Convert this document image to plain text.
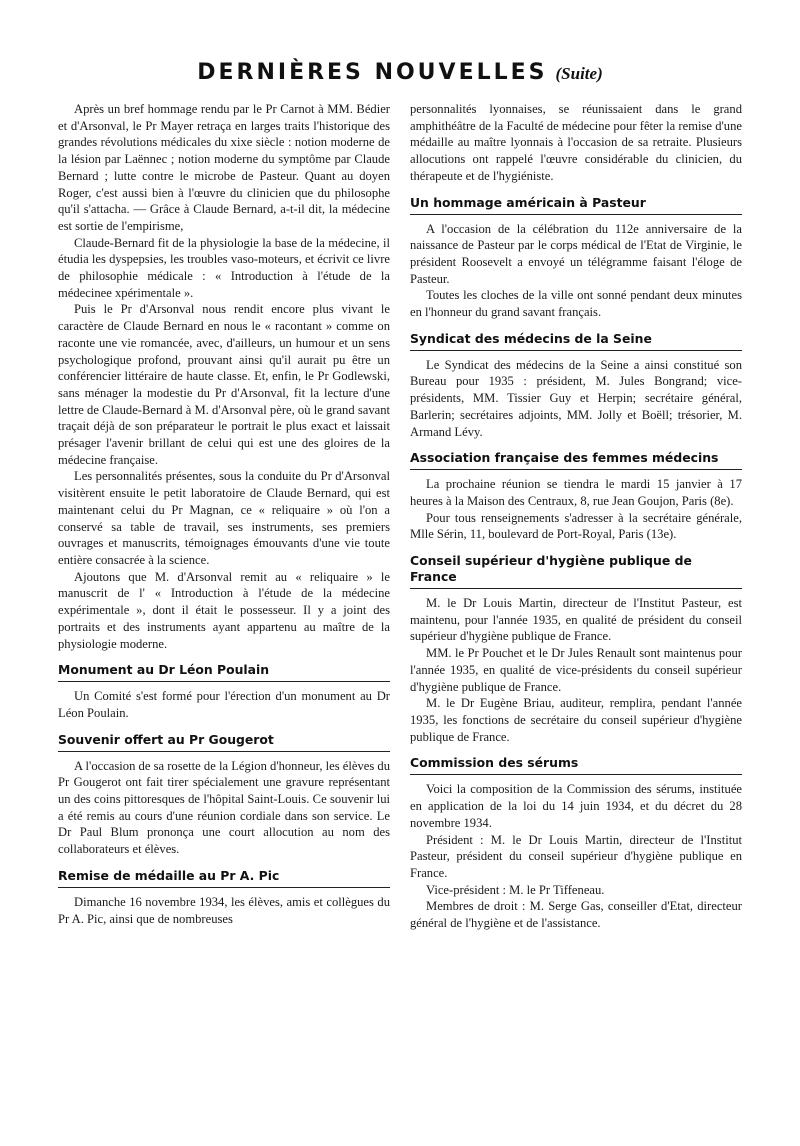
DERNIÈRES NOUVELLES (Suite)

Après un bref hommage rendu par le Pr Carnot à MM. Bédier et d'Arsonval, le Pr Mayer retraça en larges traits l'historique des grandes révolutions médicales du xixe siècle : notion moderne de la lésion par Laënnec ; notion moderne du symptôme par Claude Bernard ; lutte contre le microbe de Pasteur. Quant au doyen Roger, c'est aussi bien à l'œuvre du clinicien que du philosophe qu'il s'attacha. — Grâce à Claude Bernard, a-t-il dit, la médecine est sortie de l'empirisme,

Claude-Bernard fit de la physiologie la base de la médecine, il étudia les dyspepsies, les troubles vaso-moteurs, et écrivit ce livre de philosophie médicale : « Introduction à l'étude de la médecinee xpérimentale ».

Puis le Pr d'Arsonval nous rendit encore plus vivant le caractère de Claude Bernard en nous le « racontant » comme on raconte une vie romancée, avec, d'ailleurs, un humour et un sens psychologique profond, prouvant ainsi qu'il aurait pu être un conférencier littéraire de haute classe. Et, enfin, le Pr Godlewski, sans ménager la modestie du Pr d'Arsonval, fit la lecture d'une lettre de Claude-Bernard à M. d'Arsonval père, où le grand savant traçait déjà de son préparateur le portrait le plus exact et laissait présager l'avenir brillant de celui qui est une des gloires de la médecine française.

Les personnalités présentes, sous la conduite du Pr d'Arsonval visitèrent ensuite le petit laboratoire de Claude Bernard, qui est maintenant celui du Pr Magnan, ce « reliquaire » où l'on a conservé sa table de travail, ses instruments, ses premiers ouvrages et manuscrits, témoignages émouvants d'une vie toute entière consacrée à la science.

Ajoutons que M. d'Arsonval remit au « reliquaire » le manuscrit de l' « Introduction à l'étude de la médecine expérimentale », dont il était le possesseur. Il y a joint des portraits et des instruments ayant appartenu au maître de la physiologie moderne.

Monument au Dr Léon Poulain

Un Comité s'est formé pour l'érection d'un monument au Dr Léon Poulain.

Souvenir offert au Pr Gougerot

A l'occasion de sa rosette de la Légion d'honneur, les élèves du Pr Gougerot ont fait tirer spécialement une gravure représentant un des coins pittoresques de l'hôpital Saint-Louis. Ce souvenir lui a été remis au cours d'une réunion cordiale dans son service. Le Dr Paul Blum prononça une court allocution au nom des collaborateurs et élèves.

Remise de médaille au Pr A. Pic

Dimanche 16 novembre 1934, les élèves, amis et collègues du Pr A. Pic, ainsi que de nombreuses

personnalités lyonnaises, se réunissaient dans le grand amphithéâtre de la Faculté de médecine pour fêter la remise d'une médaille au maître lyonnais à l'occasion de sa retraite. Plusieurs allocutions ont rappelé l'œuvre considérable du clinicien, du thérapeute et de l'hygiéniste.

Un hommage américain à Pasteur

A l'occasion de la célébration du 112e anniversaire de la naissance de Pasteur par le corps médical de l'Etat de Virginie, le président Roosevelt a envoyé un télégramme faisant l'éloge de Pasteur.

Toutes les cloches de la ville ont sonné pendant deux minutes en l'honneur du grand savant français.

Syndicat des médecins de la Seine

Le Syndicat des médecins de la Seine a ainsi constitué son Bureau pour 1935 : président, M. Jules Bongrand; vice-présidents, MM. Tissier Guy et Herpin; secrétaire général, Barlerin; secrétaires adjoints, MM. Jolly et Boëll; trésorier, M. Armand Lévy.

Association française des femmes médecins

La prochaine réunion se tiendra le mardi 15 janvier à 17 heures à la Maison des Centraux, 8, rue Jean Goujon, Paris (8e).

Pour tous renseignements s'adresser à la secrétaire générale, Mlle Sérin, 11, boulevard de Port-Royal, Paris (13e).

Conseil supérieur d'hygiène publique de France

M. le Dr Louis Martin, directeur de l'Institut Pasteur, est maintenu, pour l'année 1935, en qualité de président du conseil supérieur d'hygiène publique de France.

MM. le Pr Pouchet et le Dr Jules Renault sont maintenus pour l'année 1935, en qualité de vice-présidents du conseil supérieur d'hygiène publique de France.

M. le Dr Eugène Briau, auditeur, remplira, pendant l'année 1935, les fonctions de secrétaire du conseil supérieur d'hygiène publique de France.

Commission des sérums

Voici la composition de la Commission des sérums, instituée en application de la loi du 14 juin 1934, et du décret du 28 novembre 1934.

Président : M. le Dr Louis Martin, directeur de l'Institut Pasteur, président du conseil supérieur d'hygiène publique en France.

Vice-président : M. le Pr Tiffeneau.

Membres de droit : M. Serge Gas, conseiller d'Etat, directeur général de l'hygiène et de l'assistance.
